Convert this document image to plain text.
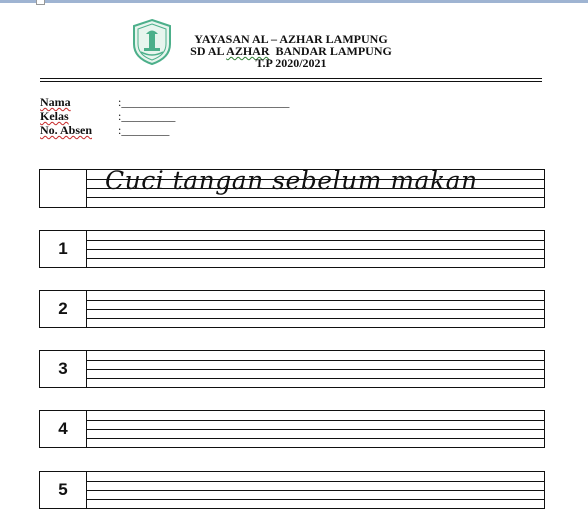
YAYASAN AL – AZHAR LAMPUNG
SD AL AZHAR  BANDAR LAMPUNG
T.P 2020/2021
Nama	:____________________________
Kelas	:_________
No. Absen :________
Cuci tangan sebelum makan
1
2
3
4
5
